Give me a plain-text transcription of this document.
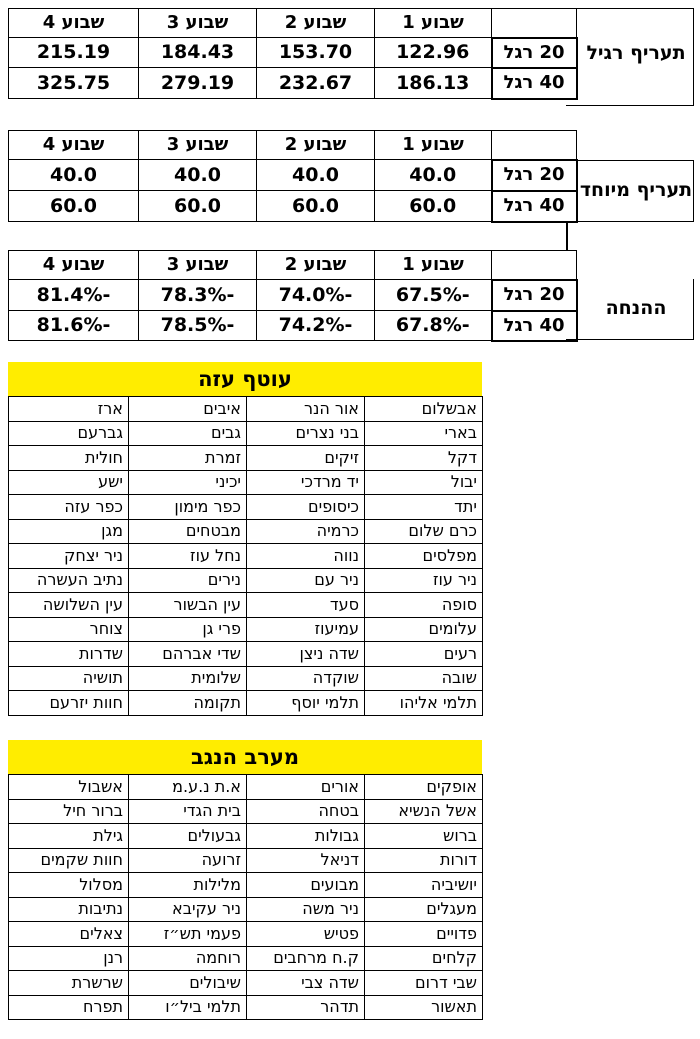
תעריף רגיל		שבוע 1	שבוע 2	שבוע 3	שבוע 4
	20 רגל	122.96	153.70	184.43	215.19
	40 רגל	186.13	232.67	279.19	325.75
תעריף מיוחד		שבוע 1	שבוע 2	שבוע 3	שבוע 4
	20 רגל	40.0	40.0	40.0	40.0
	40 רגל	60.0	60.0	60.0	60.0
ההנחה		שבוע 1	שבוע 2	שבוע 3	שבוע 4
	20 רגל	-67.5%	-74.0%	-78.3%	-81.4%
	40 רגל	-67.8%	-74.2%	-78.5%	-81.6%
עוטף עזה
אבשלום	אור הנר	איבים	ארז
בארי	בני נצרים	גבים	גברעם
דקל	זיקים	זמרת	חולית
יבול	יד מרדכי	יכיני	ישע
יתד	כיסופים	כפר מימון	כפר עזה
כרם שלום	כרמיה	מבטחים	מגן
מפלסים	נווה	נחל עוז	ניר יצחק
ניר עוז	ניר עם	נירים	נתיב העשרה
סופה	סעד	עין הבשור	עין השלושה
עלומים	עמיעוז	פרי גן	צוחר
רעים	שדה ניצן	שדי אברהם	שדרות
שובה	שוקדה	שלומית	תושיה
תלמי אליהו	תלמי יוסף	תקומה	חוות יזרעם
מערב הנגב
אופקים	אורים	א.ת נ.ע.מ	אשבול
אשל הנשיא	בטחה	בית הגדי	ברור חיל
ברוש	גבולות	גבעולים	גילת
דורות	דניאל	זרועה	חוות שקמים
יושיביה	מבועים	מלילות	מסלול
מעגלים	ניר משה	ניר עקיבא	נתיבות
פדויים	פטיש	פעמי תש״ז	צאלים
קלחים	ק.ח מרחבים	רוחמה	רנן
שבי דרום	שדה צבי	שיבולים	שרשרת
תאשור	תדהר	תלמי ביל״ו	תפרח
